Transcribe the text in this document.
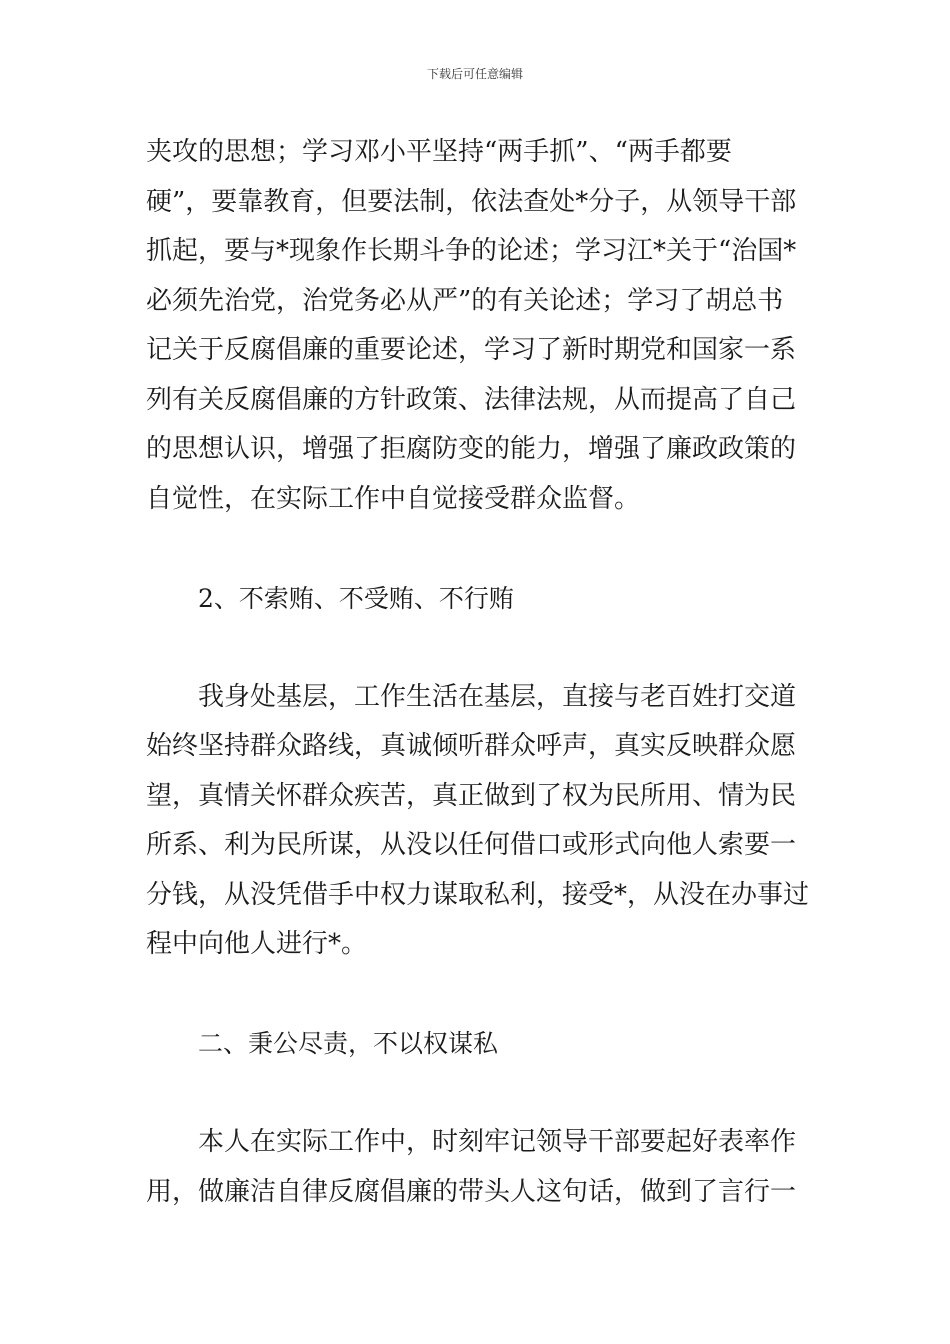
下载后可任意编辑
夹攻的思想；学习邓小平坚持“两手抓”、“两手都要
硬”，要靠教育，但要法制，依法查处*分子，从领导干部
抓起，要与*现象作长期斗争的论述；学习江*关于“治国*
必须先治党，治党务必从严”的有关论述；学习了胡总书
记关于反腐倡廉的重要论述，学习了新时期党和国家一系
列有关反腐倡廉的方针政策、法律法规，从而提高了自己
的思想认识，增强了拒腐防变的能力，增强了廉政政策的
自觉性，在实际工作中自觉接受群众监督。
2、不索贿、不受贿、不行贿
我身处基层，工作生活在基层，直接与老百姓打交道
始终坚持群众路线，真诚倾听群众呼声，真实反映群众愿
望，真情关怀群众疾苦，真正做到了权为民所用、情为民
所系、利为民所谋，从没以任何借口或形式向他人索要一
分钱，从没凭借手中权力谋取私利，接受*，从没在办事过
程中向他人进行*。
二、秉公尽责，不以权谋私
本人在实际工作中，时刻牢记领导干部要起好表率作
用，做廉洁自律反腐倡廉的带头人这句话，做到了言行一
